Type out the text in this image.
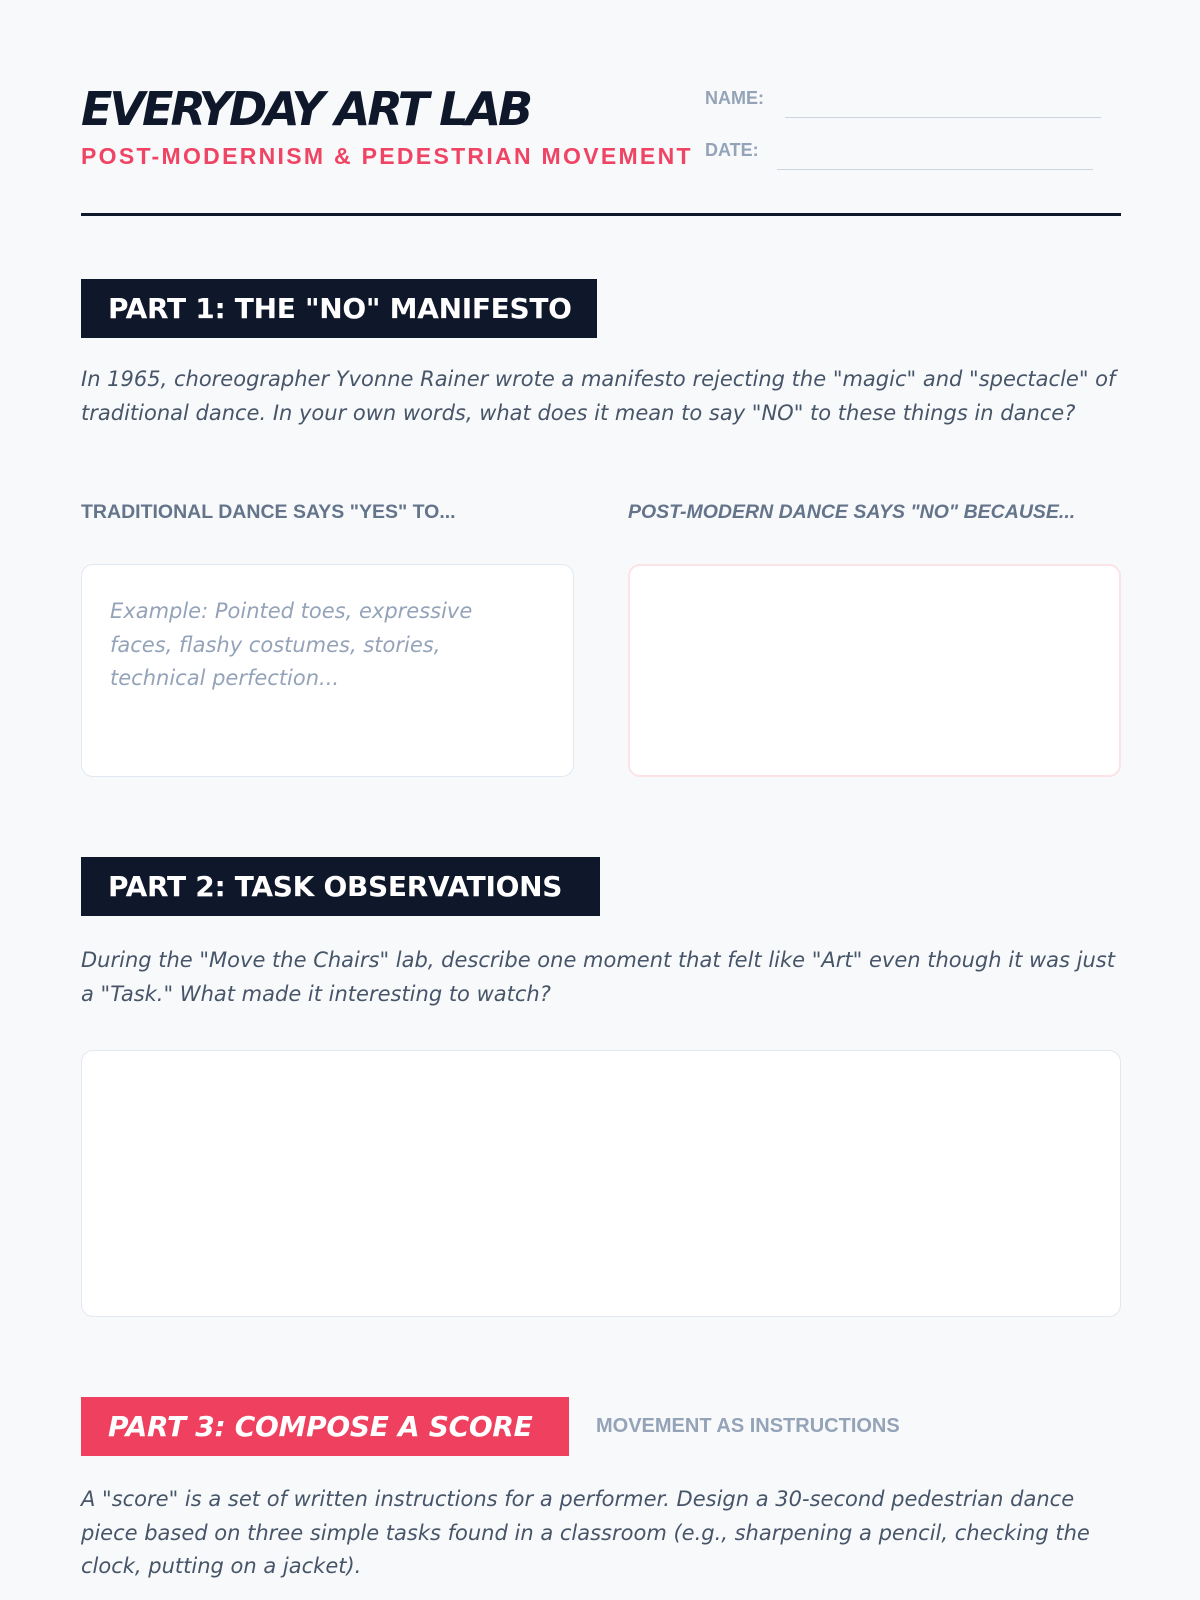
EVERYDAY ART LAB
POST-MODERNISM & PEDESTRIAN MOVEMENT
NAME:
DATE:
PART 1: THE "NO" MANIFESTO
In 1965, choreographer Yvonne Rainer wrote a manifesto rejecting the "magic" and "spectacle" of traditional dance. In your own words, what does it mean to say "NO" to these things in dance?
TRADITIONAL DANCE SAYS "YES" TO...	POST-MODERN DANCE SAYS "NO" BECAUSE...
Example: Pointed toes, expressive faces, flashy costumes, stories, technical perfection...
PART 2: TASK OBSERVATIONS
During the "Move the Chairs" lab, describe one moment that felt like "Art" even though it was just a "Task." What made it interesting to watch?
PART 3: COMPOSE A SCORE	MOVEMENT AS INSTRUCTIONS
A "score" is a set of written instructions for a performer. Design a 30-second pedestrian dance piece based on three simple tasks found in a classroom (e.g., sharpening a pencil, checking the clock, putting on a jacket).
